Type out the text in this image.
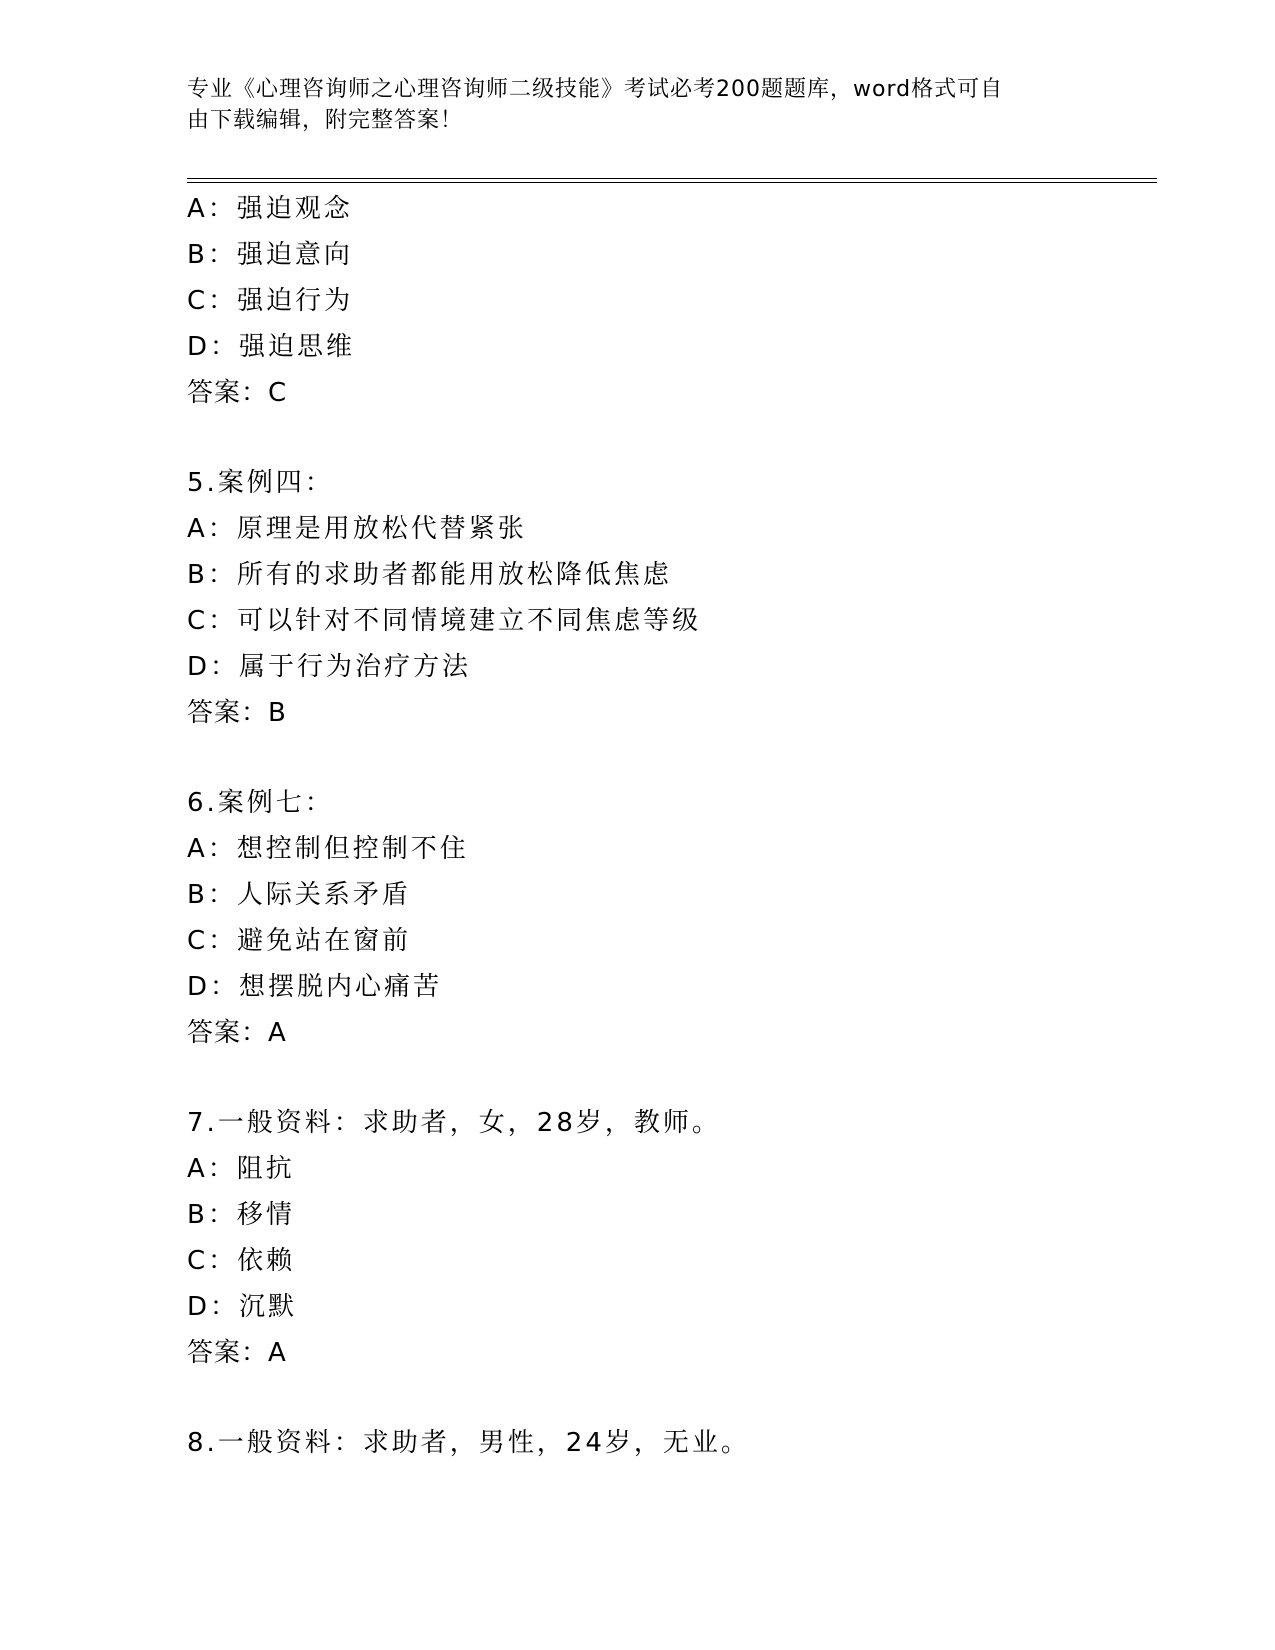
专业《心理咨询师之心理咨询师二级技能》考试必考200题题库，word格式可自
由下载编辑，附完整答案！
A：强迫观念
B：强迫意向
C：强迫行为
D：强迫思维
答案：C
5.案例四：
A：原理是用放松代替紧张
B：所有的求助者都能用放松降低焦虑
C：可以针对不同情境建立不同焦虑等级
D：属于行为治疗方法
答案：B
6.案例七：
A：想控制但控制不住
B：人际关系矛盾
C：避免站在窗前
D：想摆脱内心痛苦
答案：A
7.一般资料：求助者，女，28岁，教师。
A：阻抗
B：移情
C：依赖
D：沉默
答案：A
8.一般资料：求助者，男性，24岁，无业。
